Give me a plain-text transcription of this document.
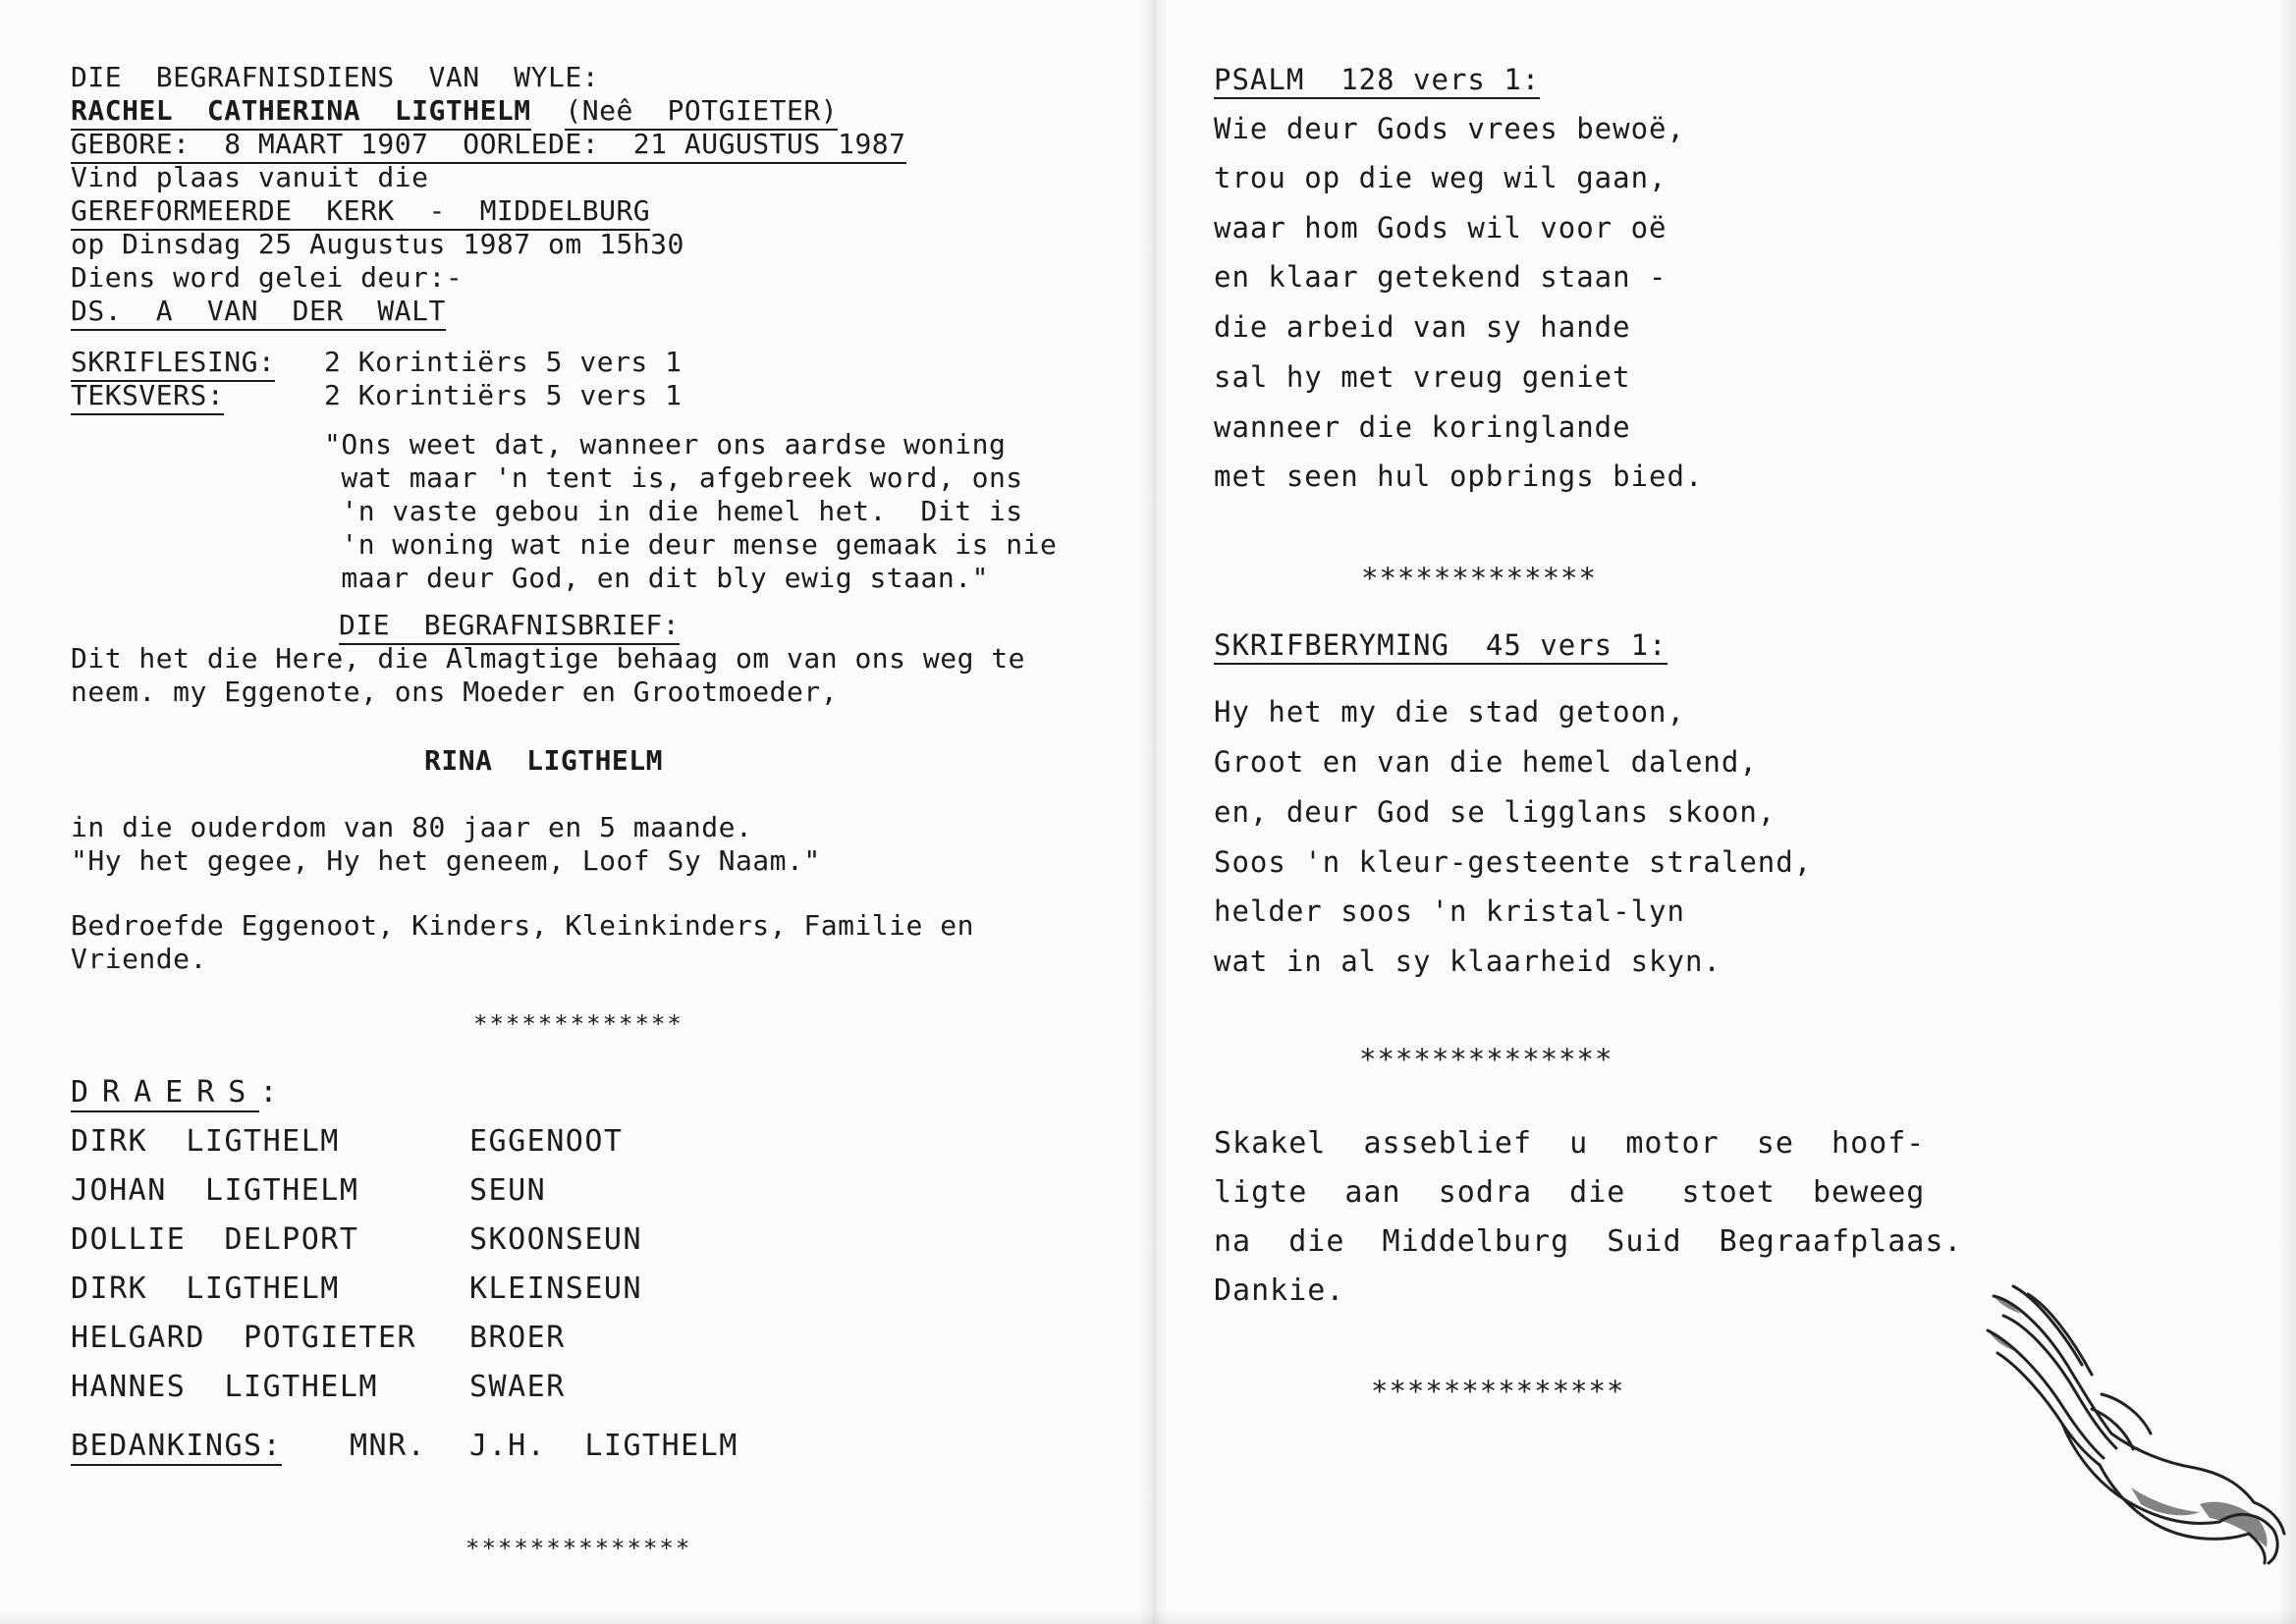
DIE  BEGRAFNISDIENS  VAN  WYLE:
RACHEL  CATHERINA  LIGTHELM (Neê  POTGIETER)
GEBORE:  8 MAART 1907  OORLEDE:  21 AUGUSTUS 1987
Vind plaas vanuit die
GEREFORMEERDE  KERK  -  MIDDELBURG
op Dinsdag 25 Augustus 1987 om 15h30
Diens word gelei deur:-
DS.  A  VAN  DER  WALT
SKRIFLESING: 2 Korintiërs 5 vers 1
TEKSVERS:	2 Korintiërs 5 vers 1
"Ons weet dat, wanneer ons aardse woning
wat maar 'n tent is, afgebreek word, ons
'n vaste gebou in die hemel het.  Dit is
'n woning wat nie deur mense gemaak is nie
maar deur God, en dit bly ewig staan."
DIE  BEGRAFNISBRIEF:
Dit het die Here, die Almagtige behaag om van ons weg te
neem. my Eggenote, ons Moeder en Grootmoeder,
RINA  LIGTHELM
in die ouderdom van 80 jaar en 5 maande.
"Hy het gegee, Hy het geneem, Loof Sy Naam."
Bedroefde Eggenoot, Kinders, Kleinkinders, Familie en
Vriende.
*************
DRAERS:
DIRK  LIGTHELM	EGGENOOT
JOHAN  LIGTHELM	SEUN
DOLLIE  DELPORT	SKOONSEUN
DIRK  LIGTHELM	KLEINSEUN
HELGARD  POTGIETER BROER
HANNES  LIGTHELM	SWAER
BEDANKINGS: MNR. J.H.  LIGTHELM
**************
PSALM  128 vers 1:
Wie deur Gods vrees bewoë,
trou op die weg wil gaan,
waar hom Gods wil voor oë
en klaar getekend staan -
die arbeid van sy hande
sal hy met vreug geniet
wanneer die koringlande
met seen hul opbrings bied.
*************
SKRIFBERYMING  45 vers 1:
Hy het my die stad getoon,
Groot en van die hemel dalend,
en, deur God se ligglans skoon,
Soos 'n kleur-gesteente stralend,
helder soos 'n kristal-lyn
wat in al sy klaarheid skyn.
**************
Skakel  asseblief  u  motor  se  hoof-
ligte  aan  sodra  die   stoet  beweeg
na  die  Middelburg  Suid  Begraafplaas.
Dankie.
**************
